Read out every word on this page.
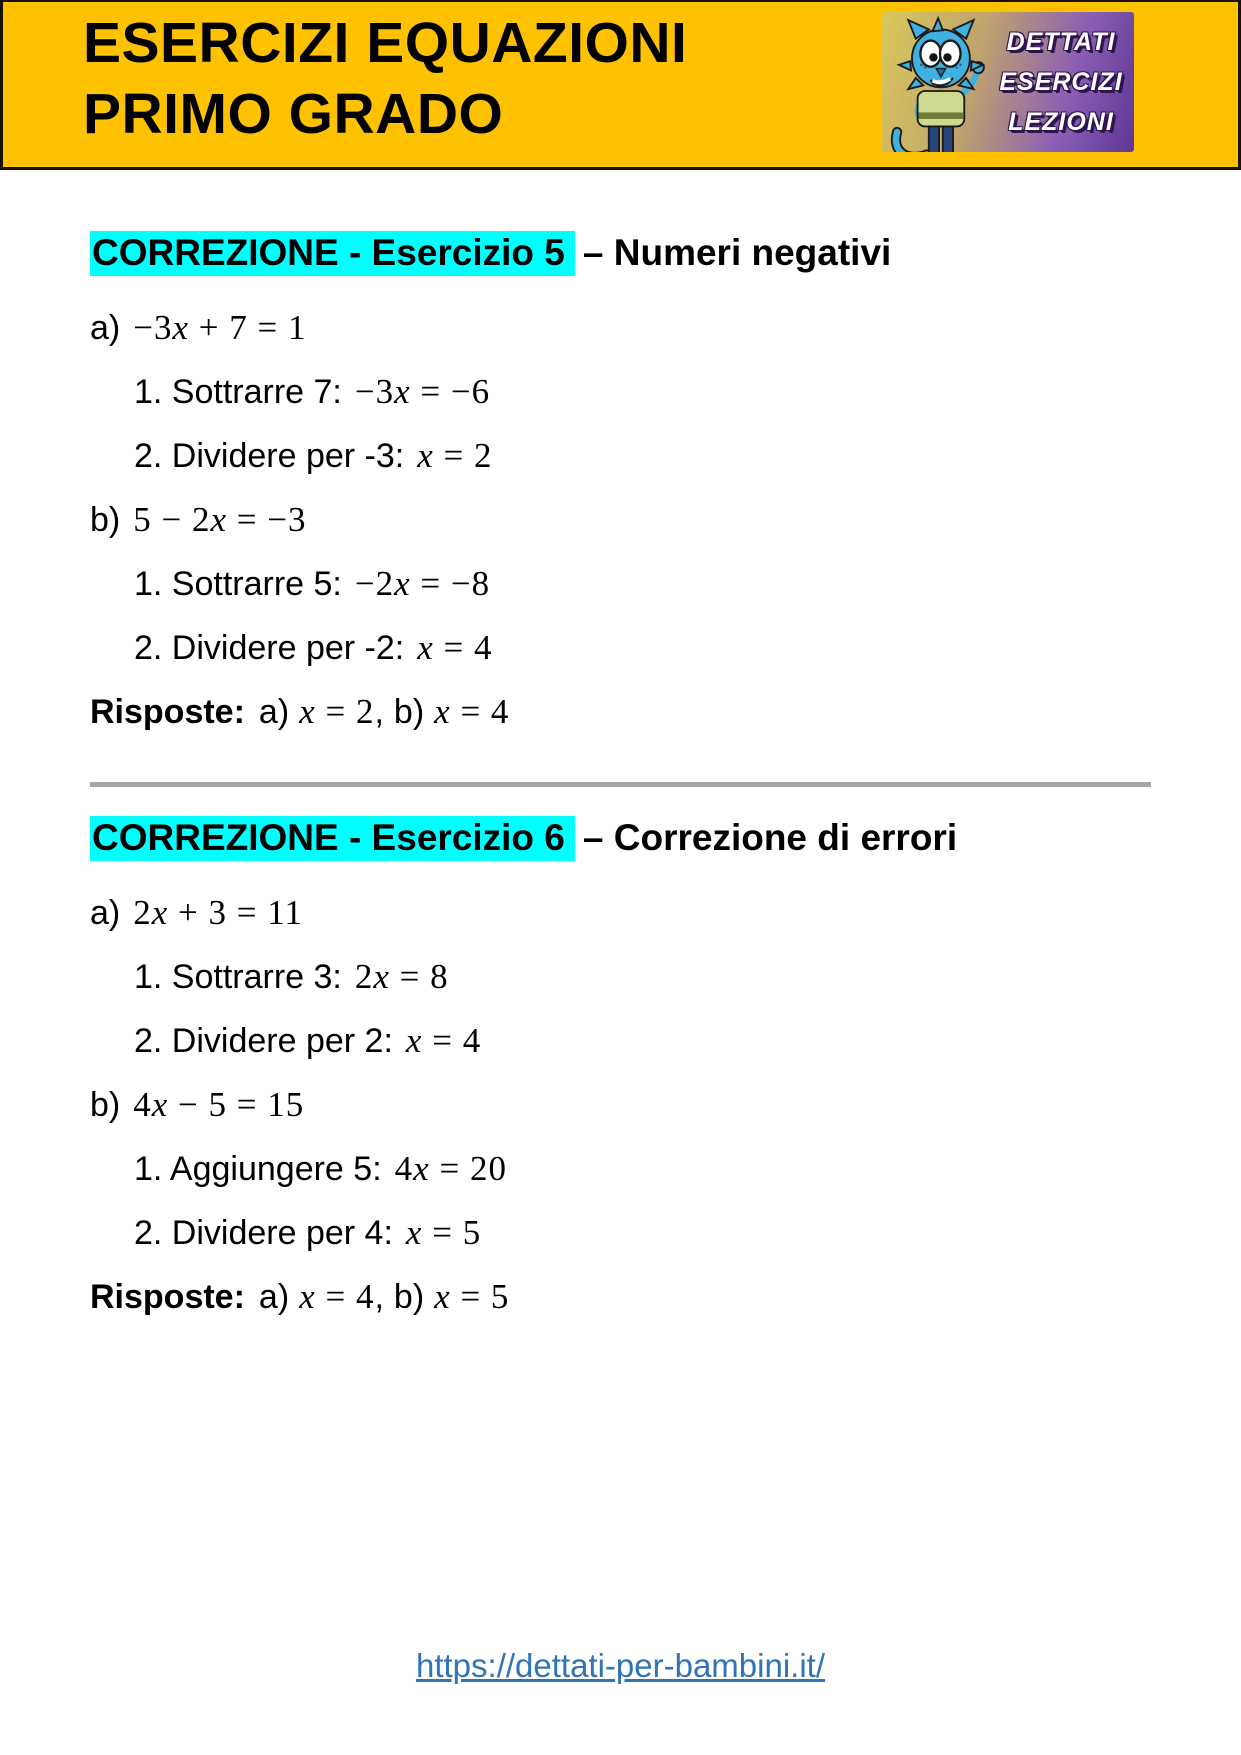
ESERCIZI EQUAZIONI
PRIMO GRADO
DETTATI
ESERCIZI
LEZIONI
CORREZIONE - Esercizio 5 – Numeri negativi
a) −3x + 7 = 1
1. Sottrarre 7: −3x = −6
2. Dividere per -3: x = 2
b) 5 − 2x = −3
1. Sottrarre 5: −2x = −8
2. Dividere per -2: x = 4
Risposte: a) x = 2, b) x = 4
CORREZIONE - Esercizio 6 – Correzione di errori
a) 2x + 3 = 11
1. Sottrarre 3: 2x = 8
2. Dividere per 2: x = 4
b) 4x − 5 = 15
1. Aggiungere 5: 4x = 20
2. Dividere per 4: x = 5
Risposte: a) x = 4, b) x = 5
https://dettati-per-bambini.it/
